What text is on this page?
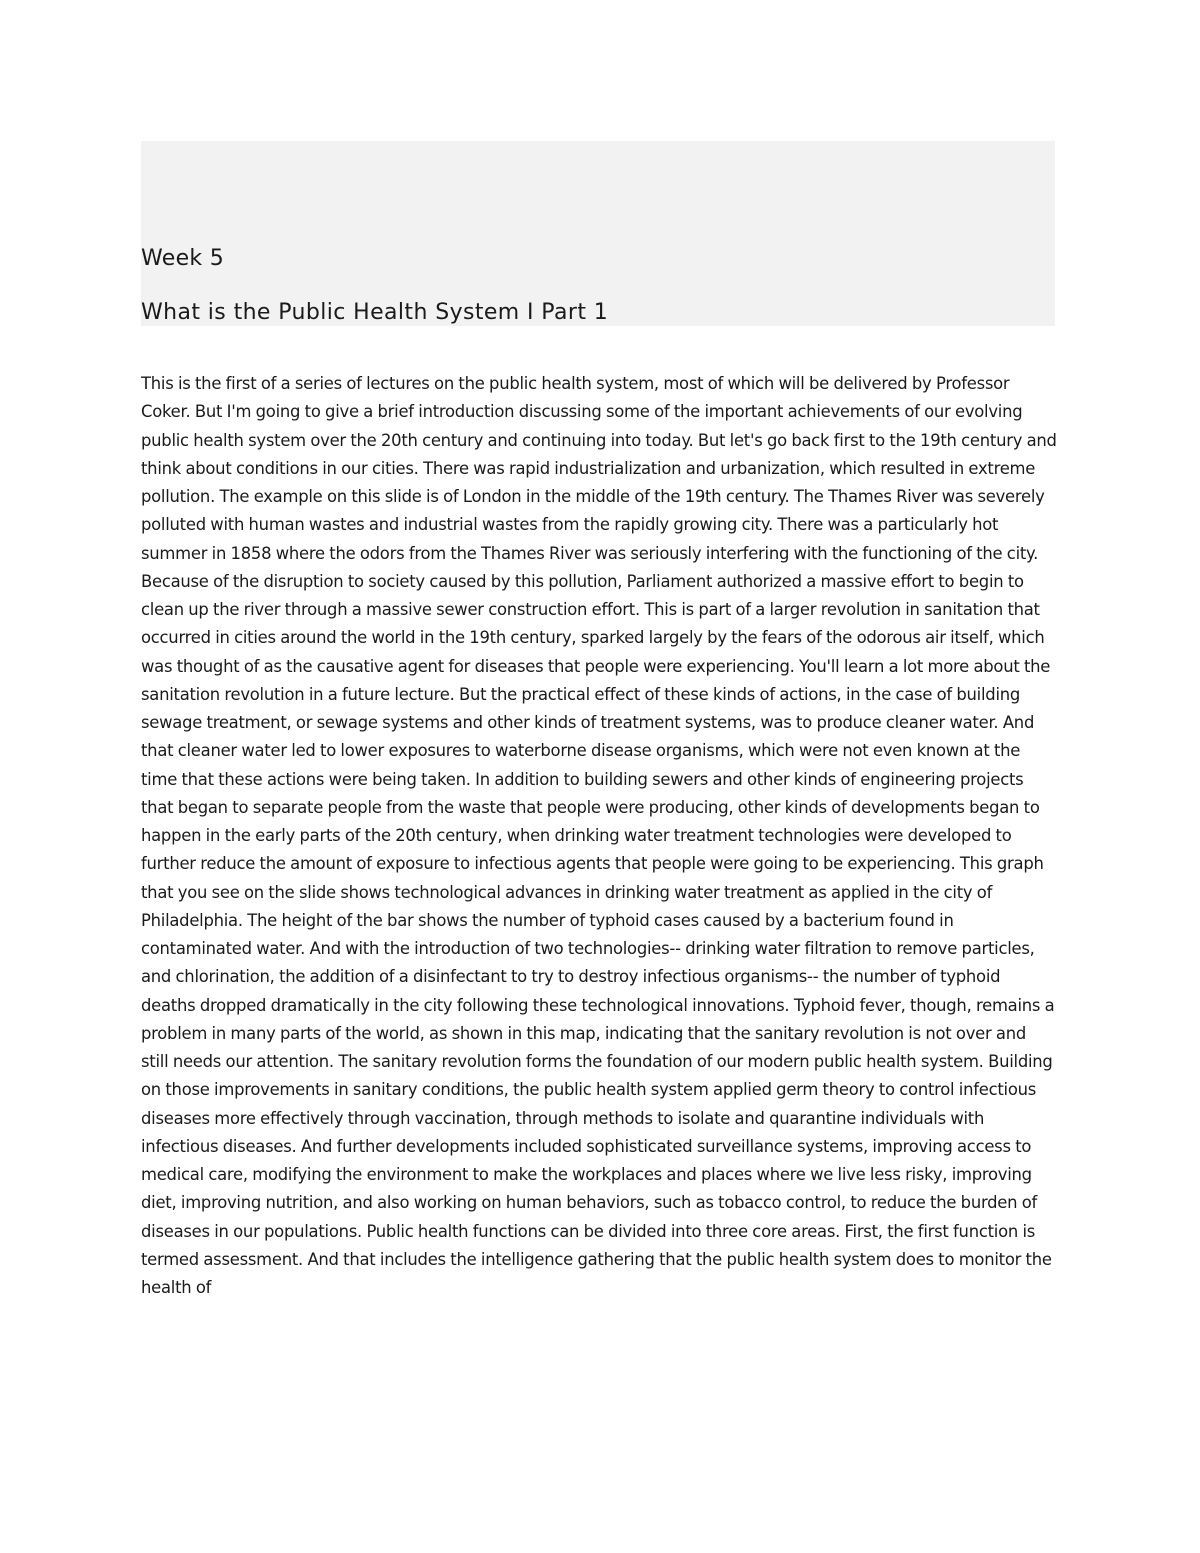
Week 5
What is the Public Health System I Part 1

This is the first of a series of lectures on the public health system, most of which will be delivered by Professor Coker. But I'm going to give a brief introduction discussing some of the important achievements of our evolving public health system over the 20th century and continuing into today. But let's go back first to the 19th century and think about conditions in our cities. There was rapid industrialization and urbanization, which resulted in extreme pollution. The example on this slide is of London in the middle of the 19th century. The Thames River was severely polluted with human wastes and industrial wastes from the rapidly growing city. There was a particularly hot summer in 1858 where the odors from the Thames River was seriously interfering with the functioning of the city. Because of the disruption to society caused by this pollution, Parliament authorized a massive effort to begin to clean up the river through a massive sewer construction effort. This is part of a larger revolution in sanitation that occurred in cities around the world in the 19th century, sparked largely by the fears of the odorous air itself, which was thought of as the causative agent for diseases that people were experiencing. You'll learn a lot more about the sanitation revolution in a future lecture. But the practical effect of these kinds of actions, in the case of building sewage treatment, or sewage systems and other kinds of treatment systems, was to produce cleaner water. And that cleaner water led to lower exposures to waterborne disease organisms, which were not even known at the time that these actions were being taken. In addition to building sewers and other kinds of engineering projects that began to separate people from the waste that people were producing, other kinds of developments began to happen in the early parts of the 20th century, when drinking water treatment technologies were developed to further reduce the amount of exposure to infectious agents that people were going to be experiencing. This graph that you see on the slide shows technological advances in drinking water treatment as applied in the city of Philadelphia. The height of the bar shows the number of typhoid cases caused by a bacterium found in contaminated water. And with the introduction of two technologies-- drinking water filtration to remove particles, and chlorination, the addition of a disinfectant to try to destroy infectious organisms-- the number of typhoid deaths dropped dramatically in the city following these technological innovations. Typhoid fever, though, remains a problem in many parts of the world, as shown in this map, indicating that the sanitary revolution is not over and still needs our attention. The sanitary revolution forms the foundation of our modern public health system. Building on those improvements in sanitary conditions, the public health system applied germ theory to control infectious diseases more effectively through vaccination, through methods to isolate and quarantine individuals with infectious diseases. And further developments included sophisticated surveillance systems, improving access to medical care, modifying the environment to make the workplaces and places where we live less risky, improving diet, improving nutrition, and also working on human behaviors, such as tobacco control, to reduce the burden of diseases in our populations. Public health functions can be divided into three core areas. First, the first function is termed assessment. And that includes the intelligence gathering that the public health system does to monitor the health of
